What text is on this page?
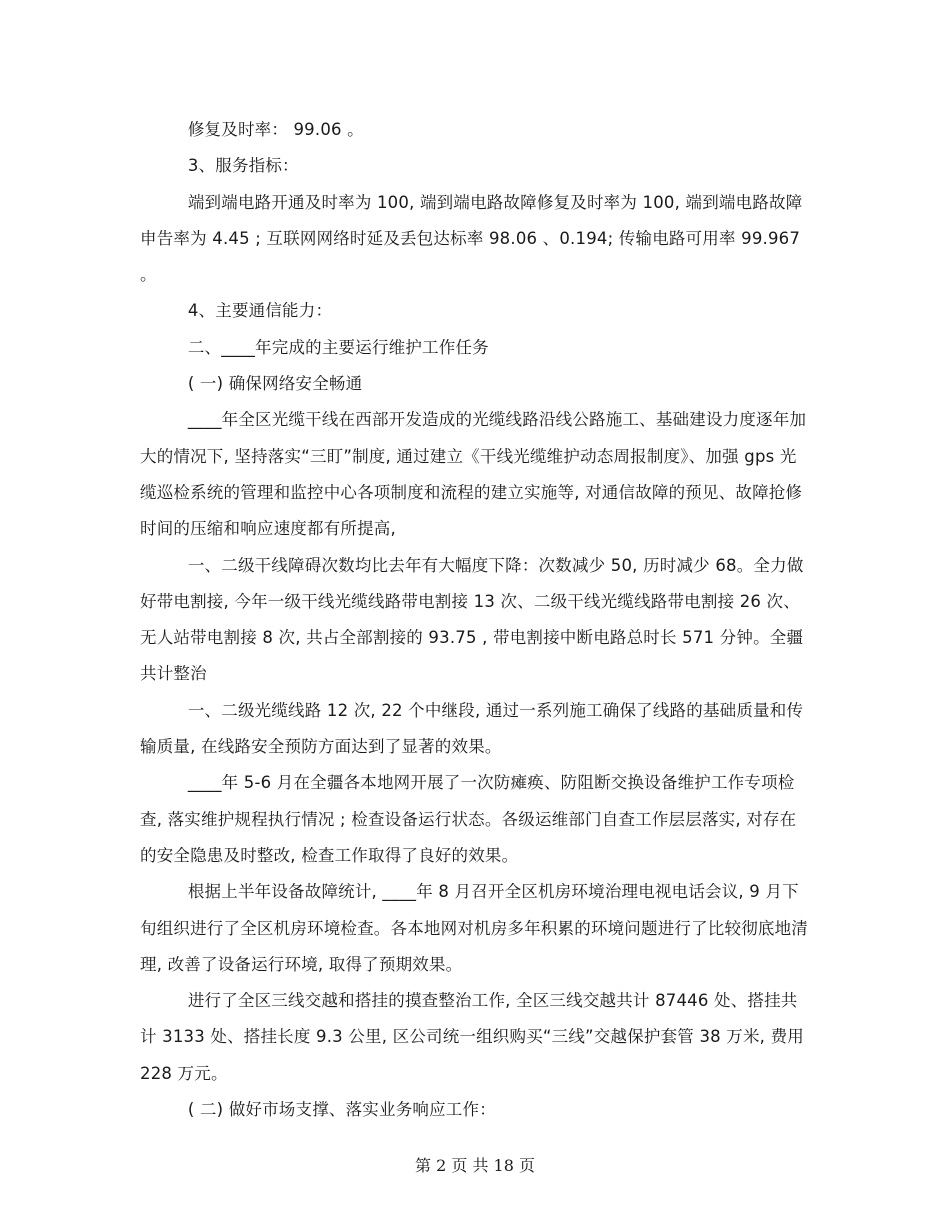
修复及时率： 99.06 。

3、服务指标：

端到端电路开通及时率为 100, 端到端电路故障修复及时率为 100, 端到端电路故障申告率为 4.45 ; 互联网网络时延及丢包达标率 98.06 、0.194; 传输电路可用率 99.967 。

4、主要通信能力：

二、____年完成的主要运行维护工作任务

( 一) 确保网络安全畅通

____年全区光缆干线在西部开发造成的光缆线路沿线公路施工、基础建设力度逐年加大的情况下, 坚持落实“三盯”制度, 通过建立《干线光缆维护动态周报制度》、加强 gps 光缆巡检系统的管理和监控中心各项制度和流程的建立实施等, 对通信故障的预见、故障抢修时间的压缩和响应速度都有所提高,

一、二级干线障碍次数均比去年有大幅度下降：次数减少 50, 历时减少 68。全力做好带电割接, 今年一级干线光缆线路带电割接 13 次、二级干线光缆线路带电割接 26 次、无人站带电割接 8 次, 共占全部割接的 93.75 , 带电割接中断电路总时长 571 分钟。全疆共计整治

一、二级光缆线路 12 次, 22 个中继段, 通过一系列施工确保了线路的基础质量和传输质量, 在线路安全预防方面达到了显著的效果。

____年 5-6 月在全疆各本地网开展了一次防瘫痪、防阻断交换设备维护工作专项检查, 落实维护规程执行情况 ; 检查设备运行状态。各级运维部门自查工作层层落实, 对存在的安全隐患及时整改, 检查工作取得了良好的效果。

根据上半年设备故障统计, ____年 8 月召开全区机房环境治理电视电话会议, 9 月下旬组织进行了全区机房环境检查。各本地网对机房多年积累的环境问题进行了比较彻底地清理, 改善了设备运行环境, 取得了预期效果。

进行了全区三线交越和搭挂的摸查整治工作, 全区三线交越共计 87446 处、搭挂共计 3133 处、搭挂长度 9.3 公里, 区公司统一组织购买“三线”交越保护套管 38 万米, 费用 228 万元。

( 二) 做好市场支撑、落实业务响应工作：

第 2 页 共 18 页
